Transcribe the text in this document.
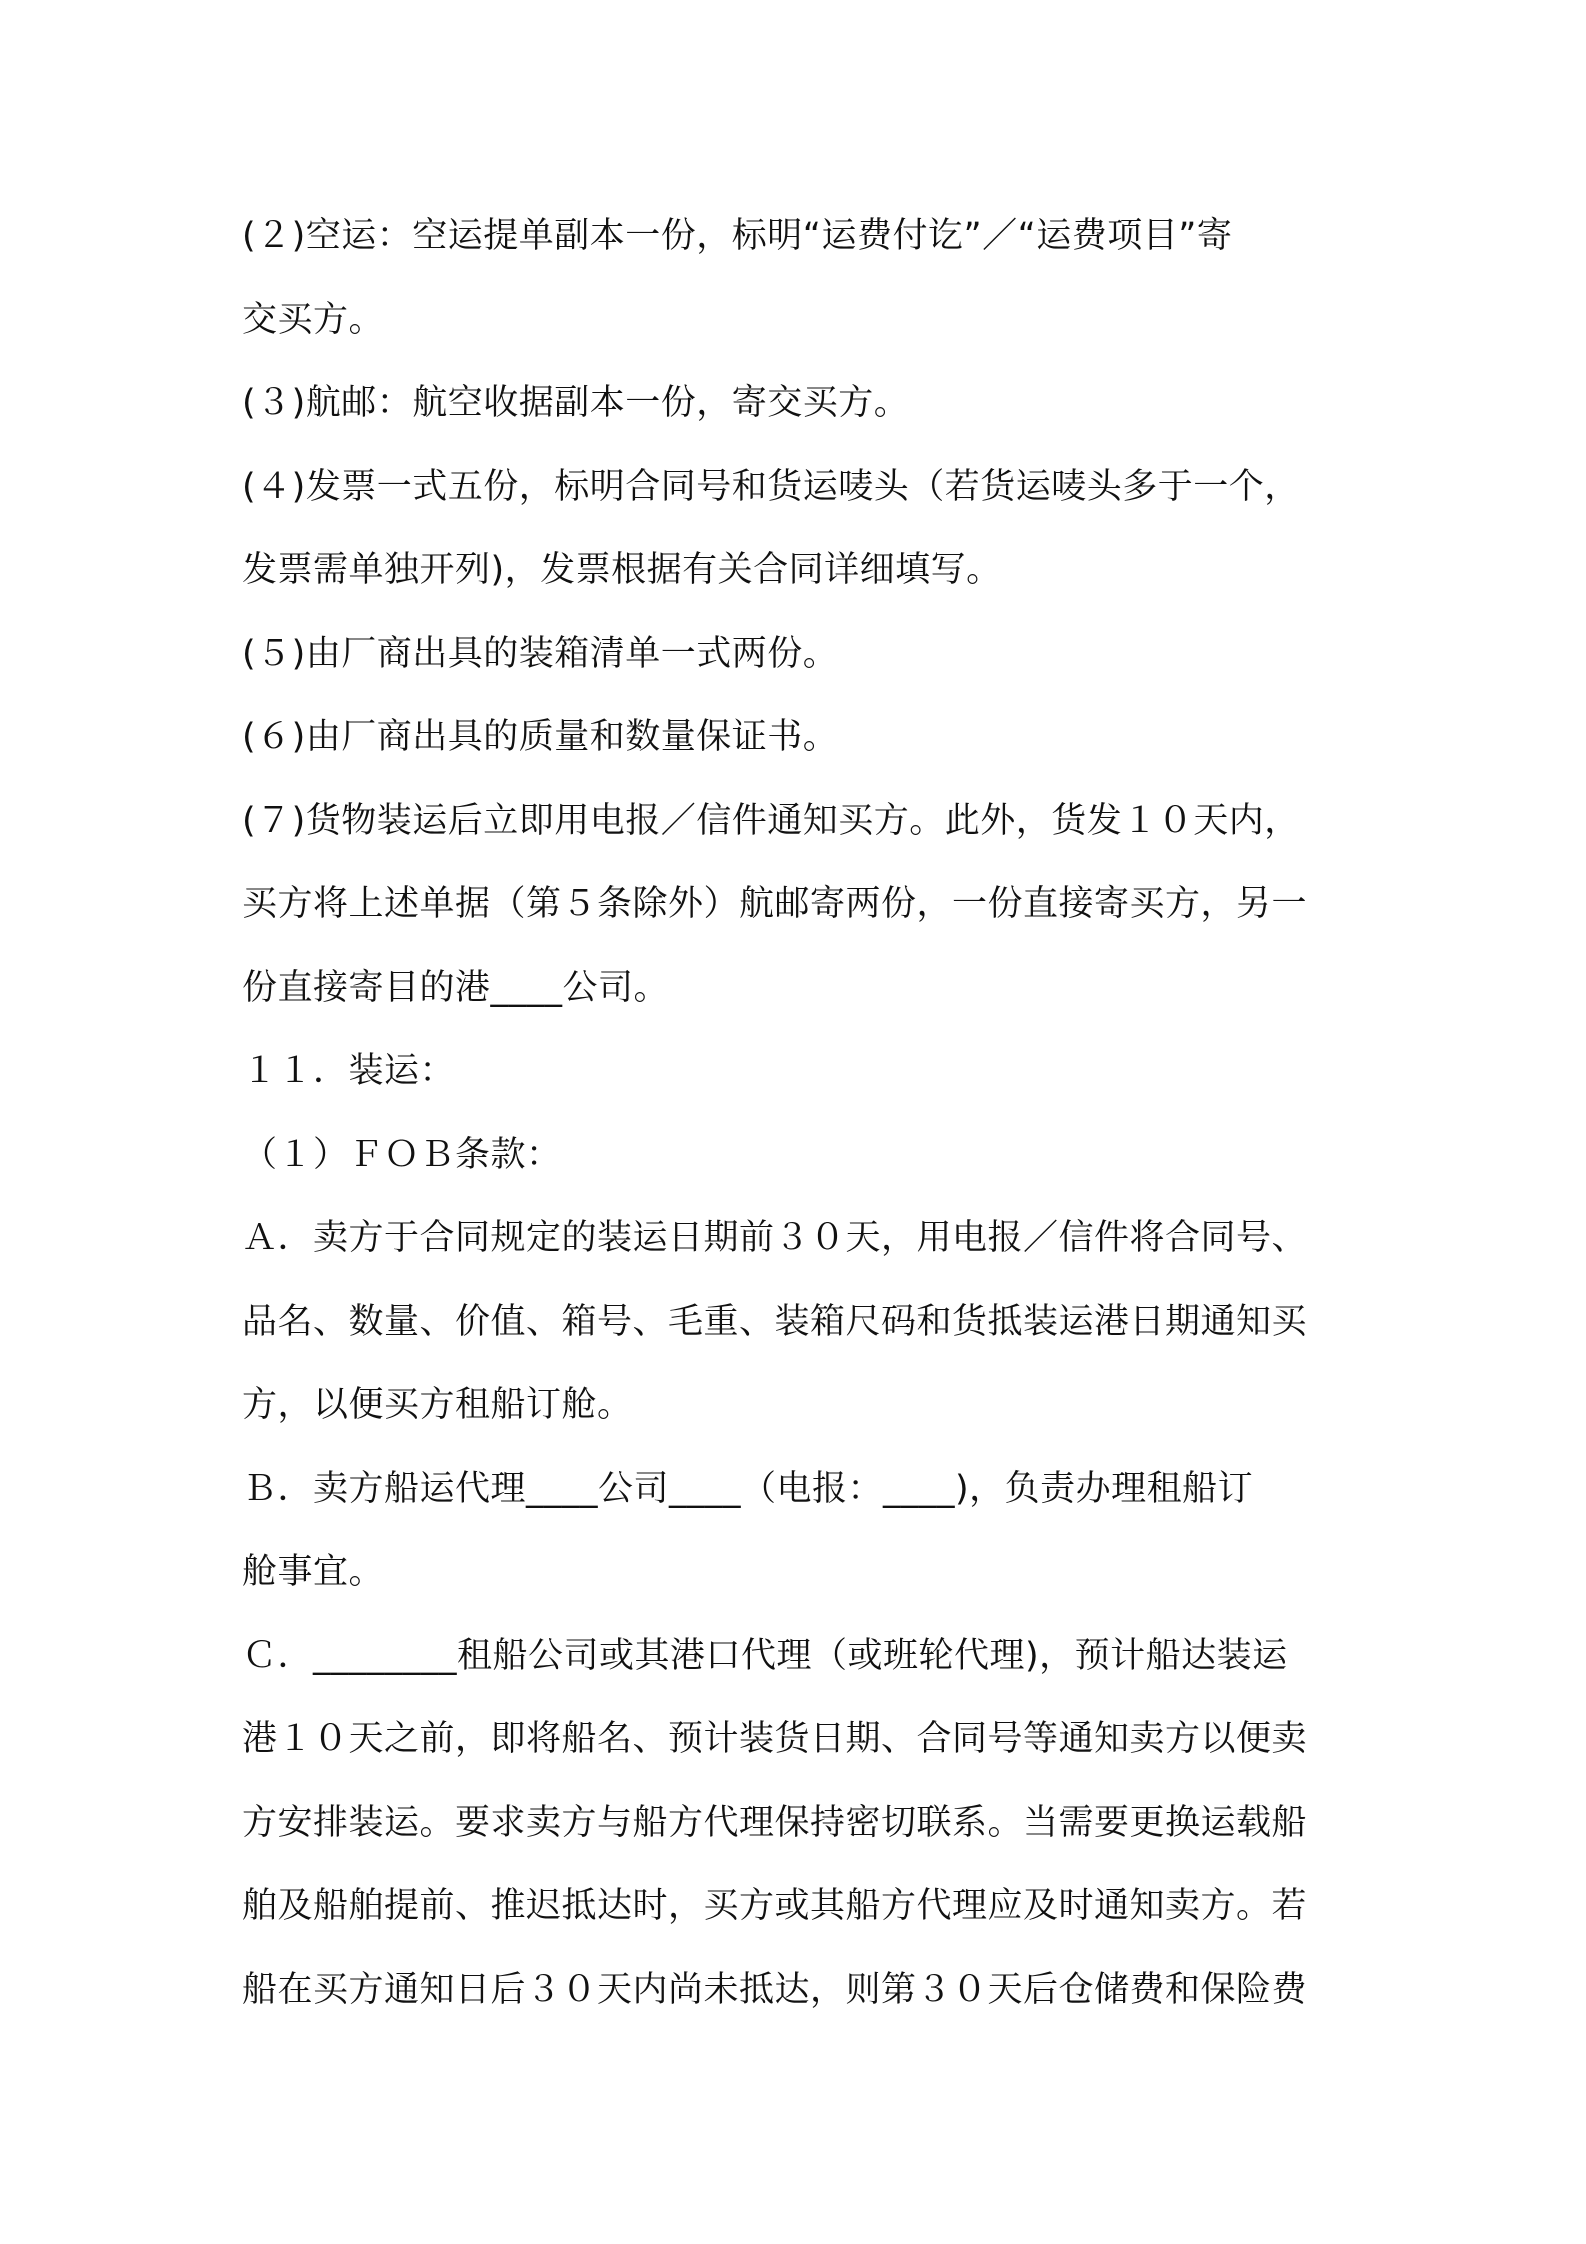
(２)空运：空运提单副本一份，标明“运费付讫”／“运费项目”寄
交买方。
(３)航邮：航空收据副本一份，寄交买方。
(４)发票一式五份，标明合同号和货运唛头（若货运唛头多于一个，
发票需单独开列)，发票根据有关合同详细填写。
(５)由厂商出具的装箱清单一式两份。
(６)由厂商出具的质量和数量保证书。
(７)货物装运后立即用电报／信件通知买方。此外，货发１０天内，
买方将上述单据（第５条除外）航邮寄两份，一份直接寄买方，另一
份直接寄目的港____公司。
１１．装运：
（１）ＦＯＢ条款：
Ａ．卖方于合同规定的装运日期前３０天，用电报／信件将合同号、
品名、数量、价值、箱号、毛重、装箱尺码和货抵装运港日期通知买
方，以便买方租船订舱。
Ｂ．卖方船运代理____公司____（电报：____)，负责办理租船订
舱事宜。
Ｃ．________租船公司或其港口代理（或班轮代理)，预计船达装运
港１０天之前，即将船名、预计装货日期、合同号等通知卖方以便卖
方安排装运。要求卖方与船方代理保持密切联系。当需要更换运载船
舶及船舶提前、推迟抵达时，买方或其船方代理应及时通知卖方。若
船在买方通知日后３０天内尚未抵达，则第３０天后仓储费和保险费
